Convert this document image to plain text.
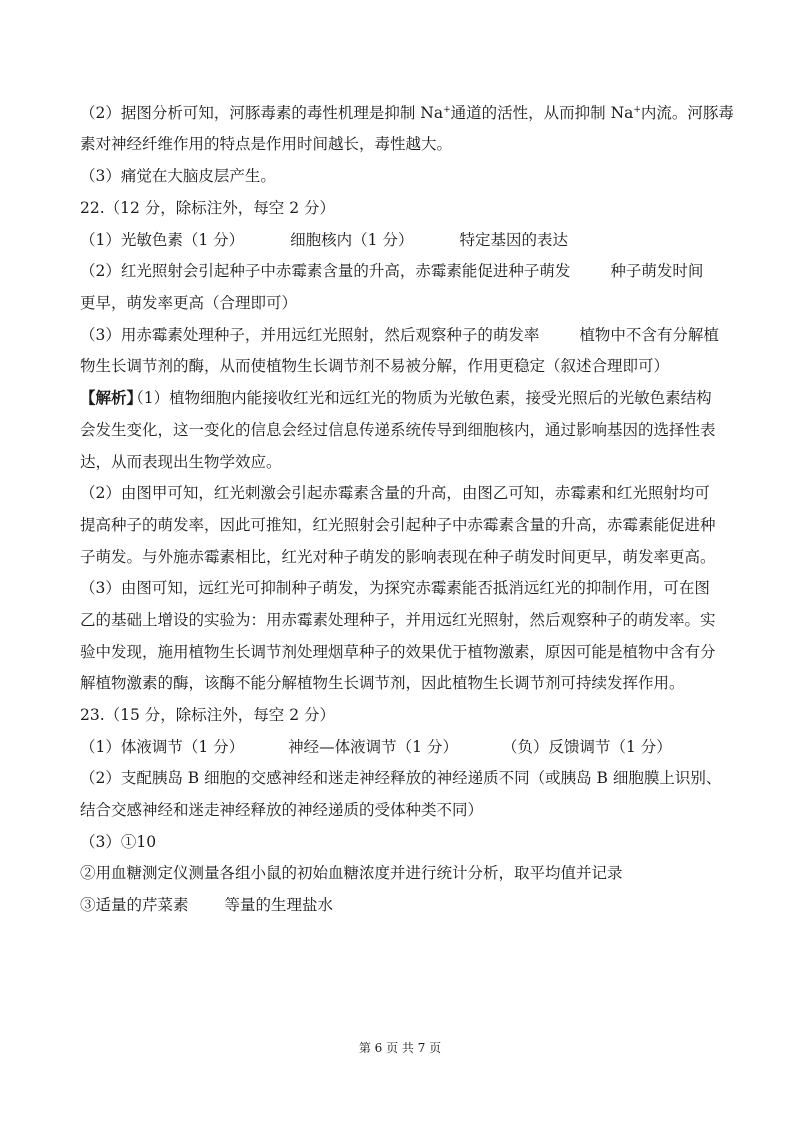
（2）据图分析可知，河豚毒素的毒性机理是抑制 Na+通道的活性，从而抑制 Na+内流。河豚毒
素对神经纤维作用的特点是作用时间越长，毒性越大。
（3）痛觉在大脑皮层产生。
22.（12 分，除标注外，每空 2 分）
（1）光敏色素（1 分）	细胞核内（1 分）	特定基因的表达
（2）红光照射会引起种子中赤霉素含量的升高，赤霉素能促进种子萌发	种子萌发时间
更早，萌发率更高（合理即可）
（3）用赤霉素处理种子，并用远红光照射，然后观察种子的萌发率	植物中不含有分解植
物生长调节剂的酶，从而使植物生长调节剂不易被分解，作用更稳定（叙述合理即可）
【解析】（1）植物细胞内能接收红光和远红光的物质为光敏色素，接受光照后的光敏色素结构
会发生变化，这一变化的信息会经过信息传递系统传导到细胞核内，通过影响基因的选择性表
达，从而表现出生物学效应。
（2）由图甲可知，红光刺激会引起赤霉素含量的升高，由图乙可知，赤霉素和红光照射均可
提高种子的萌发率，因此可推知，红光照射会引起种子中赤霉素含量的升高，赤霉素能促进种
子萌发。与外施赤霉素相比，红光对种子萌发的影响表现在种子萌发时间更早，萌发率更高。
（3）由图可知，远红光可抑制种子萌发，为探究赤霉素能否抵消远红光的抑制作用，可在图
乙的基础上增设的实验为：用赤霉素处理种子，并用远红光照射，然后观察种子的萌发率。实
验中发现，施用植物生长调节剂处理烟草种子的效果优于植物激素，原因可能是植物中含有分
解植物激素的酶，该酶不能分解植物生长调节剂，因此植物生长调节剂可持续发挥作用。
23.（15 分，除标注外，每空 2 分）
（1）体液调节（1 分）	神经—体液调节（1 分）	（负）反馈调节（1 分）
（2）支配胰岛 B 细胞的交感神经和迷走神经释放的神经递质不同（或胰岛 B 细胞膜上识别、
结合交感神经和迷走神经释放的神经递质的受体种类不同）
（3）①10
②用血糖测定仪测量各组小鼠的初始血糖浓度并进行统计分析，取平均值并记录
③适量的芹菜素 等量的生理盐水
第 6 页 共 7 页
